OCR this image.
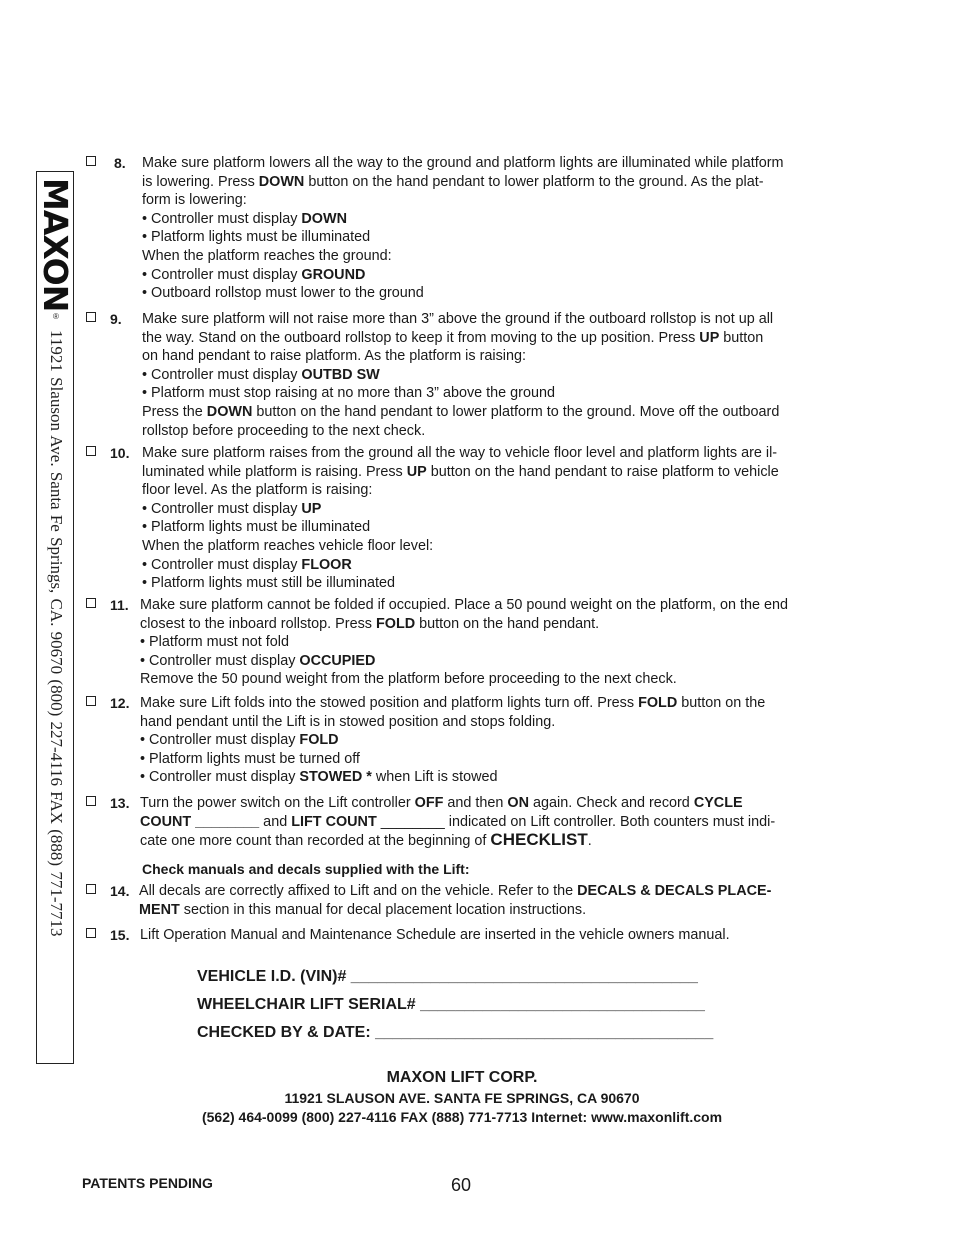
MAXON
®
11921 Slauson Ave. Santa Fe Springs, CA. 90670 (800) 227-4116 FAX (888) 771-7713
8. Make sure platform lowers all the way to the ground and platform lights are illuminated while platform
is lowering. Press DOWN button on the hand pendant to lower platform to the ground. As the plat-
form is lowering:
• Controller must display DOWN
• Platform lights must be illuminated
When the platform reaches the ground:
• Controller must display GROUND
• Outboard rollstop must lower to the ground
9. Make sure platform will not raise more than 3” above the ground if the outboard rollstop is not up all
the way. Stand on the outboard rollstop to keep it from moving to the up position. Press UP button
on hand pendant to raise platform. As the platform is raising:
• Controller must display OUTBD SW
• Platform must stop raising at no more than 3” above the ground
Press the DOWN button on the hand pendant to lower platform to the ground. Move off the outboard
rollstop before proceeding to the next check.
10. Make sure platform raises from the ground all the way to vehicle floor level and platform lights are il-
luminated while platform is raising. Press UP button on the hand pendant to raise platform to vehicle
floor level. As the platform is raising:
• Controller must display UP
• Platform lights must be illuminated
When the platform reaches vehicle floor level:
• Controller must display FLOOR
• Platform lights must still be illuminated
11. Make sure platform cannot be folded if occupied. Place a 50 pound weight on the platform, on the end
closest to the inboard rollstop. Press FOLD button on the hand pendant.
• Platform must not fold
• Controller must display OCCUPIED
Remove the 50 pound weight from the platform before proceeding to the next check.
12. Make sure Lift folds into the stowed position and platform lights turn off. Press FOLD button on the
hand pendant until the Lift is in stowed position and stops folding.
• Controller must display FOLD
• Platform lights must be turned off
• Controller must display STOWED * when Lift is stowed
13. Turn the power switch on the Lift controller OFF and then ON again. Check and record CYCLE
COUNT ________ and LIFT COUNT ________ indicated on Lift controller. Both counters must indi-
cate one more count than recorded at the beginning of CHECKLIST.
14. All decals are correctly affixed to Lift and on the vehicle. Refer to the DECALS & DECALS PLACE-
MENT section in this manual for decal placement location instructions.
15. Lift Operation Manual and Maintenance Schedule are inserted in the vehicle owners manual.
Check manuals and decals supplied with the Lift:
VEHICLE I.D. (VIN)# _______________________________________
WHEELCHAIR LIFT SERIAL# ________________________________
CHECKED BY & DATE: ______________________________________
MAXON LIFT CORP.
11921 SLAUSON AVE. SANTA FE SPRINGS, CA 90670
(562) 464-0099 (800) 227-4116 FAX (888) 771-7713 Internet: www.maxonlift.com
PATENTS PENDING	60
